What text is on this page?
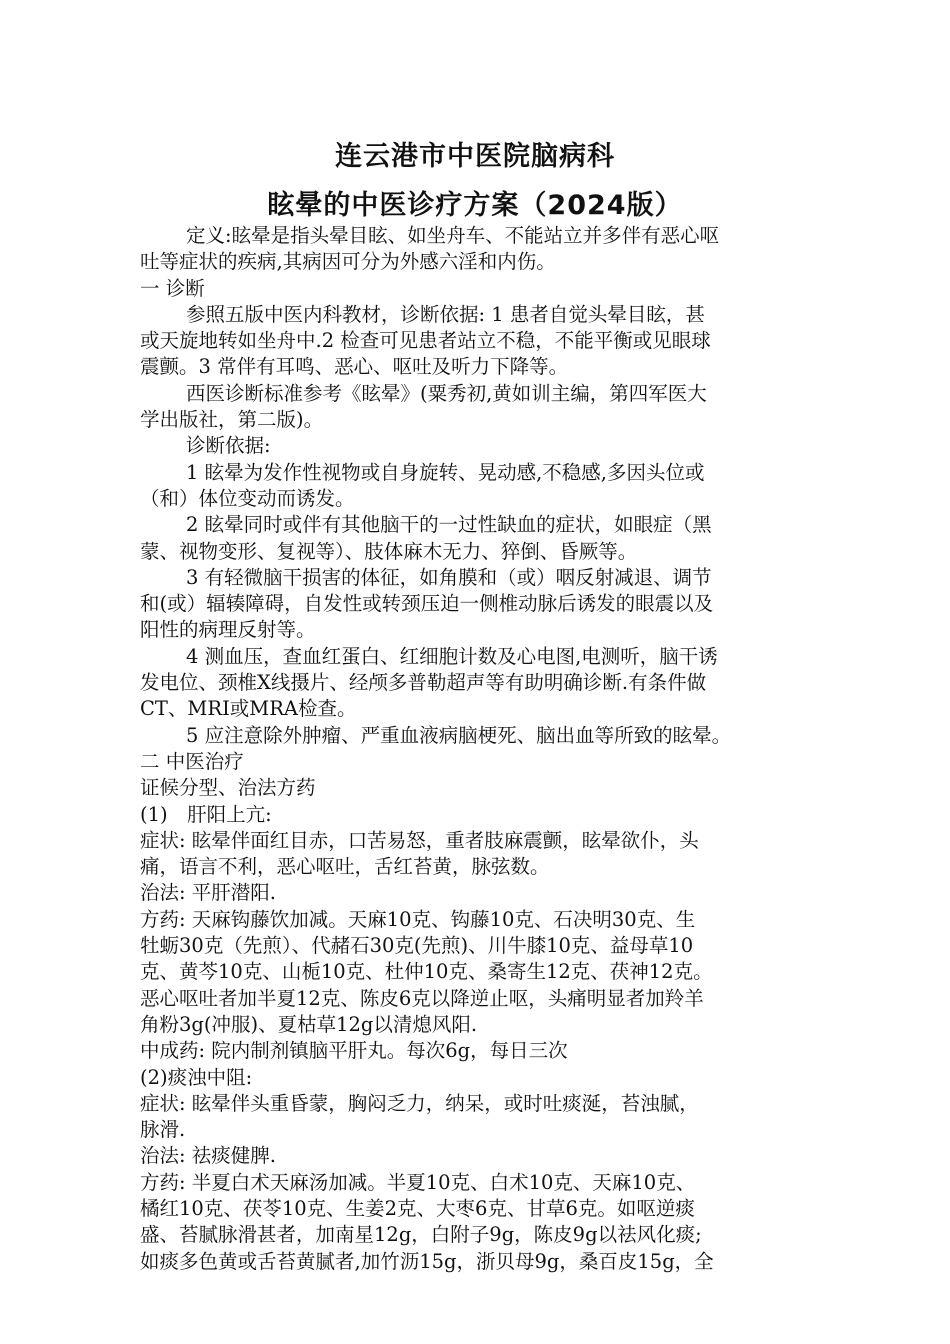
连云港市中医院脑病科
眩晕的中医诊疗方案（2024版）
定义:眩晕是指头晕目眩、如坐舟车、不能站立并多伴有恶心呕
吐等症状的疾病,其病因可分为外感六淫和内伤。
一 诊断
参照五版中医内科教材，诊断依据: 1 患者自觉头晕目眩，甚
或天旋地转如坐舟中.2 检查可见患者站立不稳，不能平衡或见眼球
震颤。3 常伴有耳鸣、恶心、呕吐及听力下降等。
西医诊断标准参考《眩晕》(粟秀初,黄如训主编，第四军医大
学出版社，第二版)。
诊断依据:
1 眩晕为发作性视物或自身旋转、晃动感,不稳感,多因头位或
（和）体位变动而诱发。
2 眩晕同时或伴有其他脑干的一过性缺血的症状，如眼症（黑
蒙、视物变形、复视等）、肢体麻木无力、猝倒、昏厥等。
3 有轻微脑干损害的体征，如角膜和（或）咽反射减退、调节
和(或）辐辏障碍，自发性或转颈压迫一侧椎动脉后诱发的眼震以及
阳性的病理反射等。
4 测血压，查血红蛋白、红细胞计数及心电图,电测听，脑干诱
发电位、颈椎X线摄片、经颅多普勒超声等有助明确诊断.有条件做
CT、MRI或MRA检查。
5 应注意除外肿瘤、严重血液病脑梗死、脑出血等所致的眩晕。
二 中医治疗
证候分型、治法方药
(1)　肝阳上亢:
症状: 眩晕伴面红目赤，口苦易怒，重者肢麻震颤，眩晕欲仆，头
痛，语言不利，恶心呕吐，舌红苔黄，脉弦数。
治法: 平肝潜阳.
方药: 天麻钩藤饮加减。天麻10克、钩藤10克、石决明30克、生
牡蛎30克（先煎）、代赭石30克(先煎)、川牛膝10克、益母草10
克、黄芩10克、山栀10克、杜仲10克、桑寄生12克、茯神12克。
恶心呕吐者加半夏12克、陈皮6克以降逆止呕，头痛明显者加羚羊
角粉3g(冲服)、夏枯草12g以清熄风阳.
中成药: 院内制剂镇脑平肝丸。每次6g，每日三次
(2)痰浊中阻:
症状: 眩晕伴头重昏蒙，胸闷乏力，纳呆，或时吐痰涎，苔浊腻，
脉滑.
治法: 祛痰健脾.
方药: 半夏白术天麻汤加减。半夏10克、白术10克、天麻10克、
橘红10克、茯苓10克、生姜2克、大枣6克、甘草6克。如呕逆痰
盛、苔腻脉滑甚者，加南星12g，白附子9g，陈皮9g以祛风化痰;
如痰多色黄或舌苔黄腻者,加竹沥15g，浙贝母9g，桑百皮15g，全
